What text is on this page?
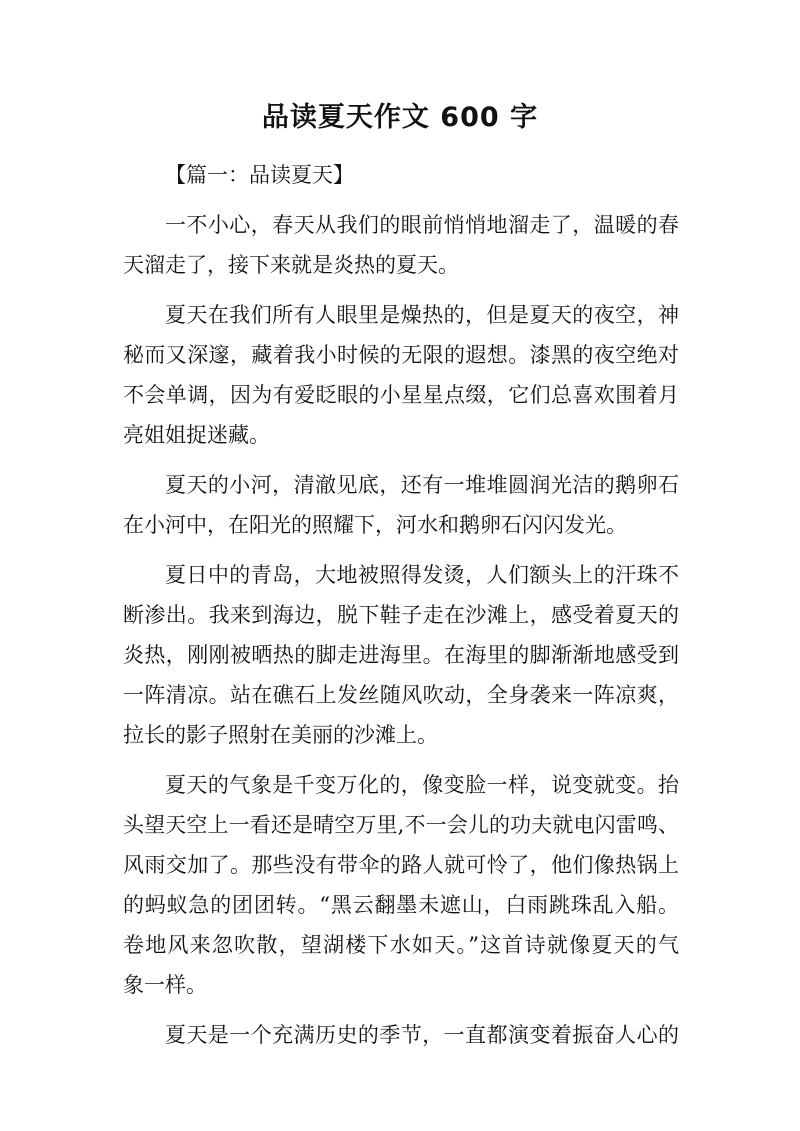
品读夏天作文 600 字
【篇一：品读夏天】
一不小心，春天从我们的眼前悄悄地溜走了，温暖的春
天溜走了，接下来就是炎热的夏天。
夏天在我们所有人眼里是燥热的，但是夏天的夜空，神
秘而又深邃，藏着我小时候的无限的遐想。漆黑的夜空绝对
不会单调，因为有爱眨眼的小星星点缀，它们总喜欢围着月
亮姐姐捉迷藏。
夏天的小河，清澈见底，还有一堆堆圆润光洁的鹅卵石
在小河中，在阳光的照耀下，河水和鹅卵石闪闪发光。
夏日中的青岛，大地被照得发烫，人们额头上的汗珠不
断渗出。我来到海边，脱下鞋子走在沙滩上，感受着夏天的
炎热，刚刚被晒热的脚走进海里。在海里的脚渐渐地感受到
一阵清凉。站在礁石上发丝随风吹动，全身袭来一阵凉爽，
拉长的影子照射在美丽的沙滩上。
夏天的气象是千变万化的，像变脸一样，说变就变。抬
头望天空上一看还是晴空万里,不一会儿的功夫就电闪雷鸣、
风雨交加了。那些没有带伞的路人就可怜了，他们像热锅上
的蚂蚁急的团团转。“黑云翻墨未遮山，白雨跳珠乱入船。
卷地风来忽吹散，望湖楼下水如天。”这首诗就像夏天的气
象一样。
夏天是一个充满历史的季节，一直都演变着振奋人心的
